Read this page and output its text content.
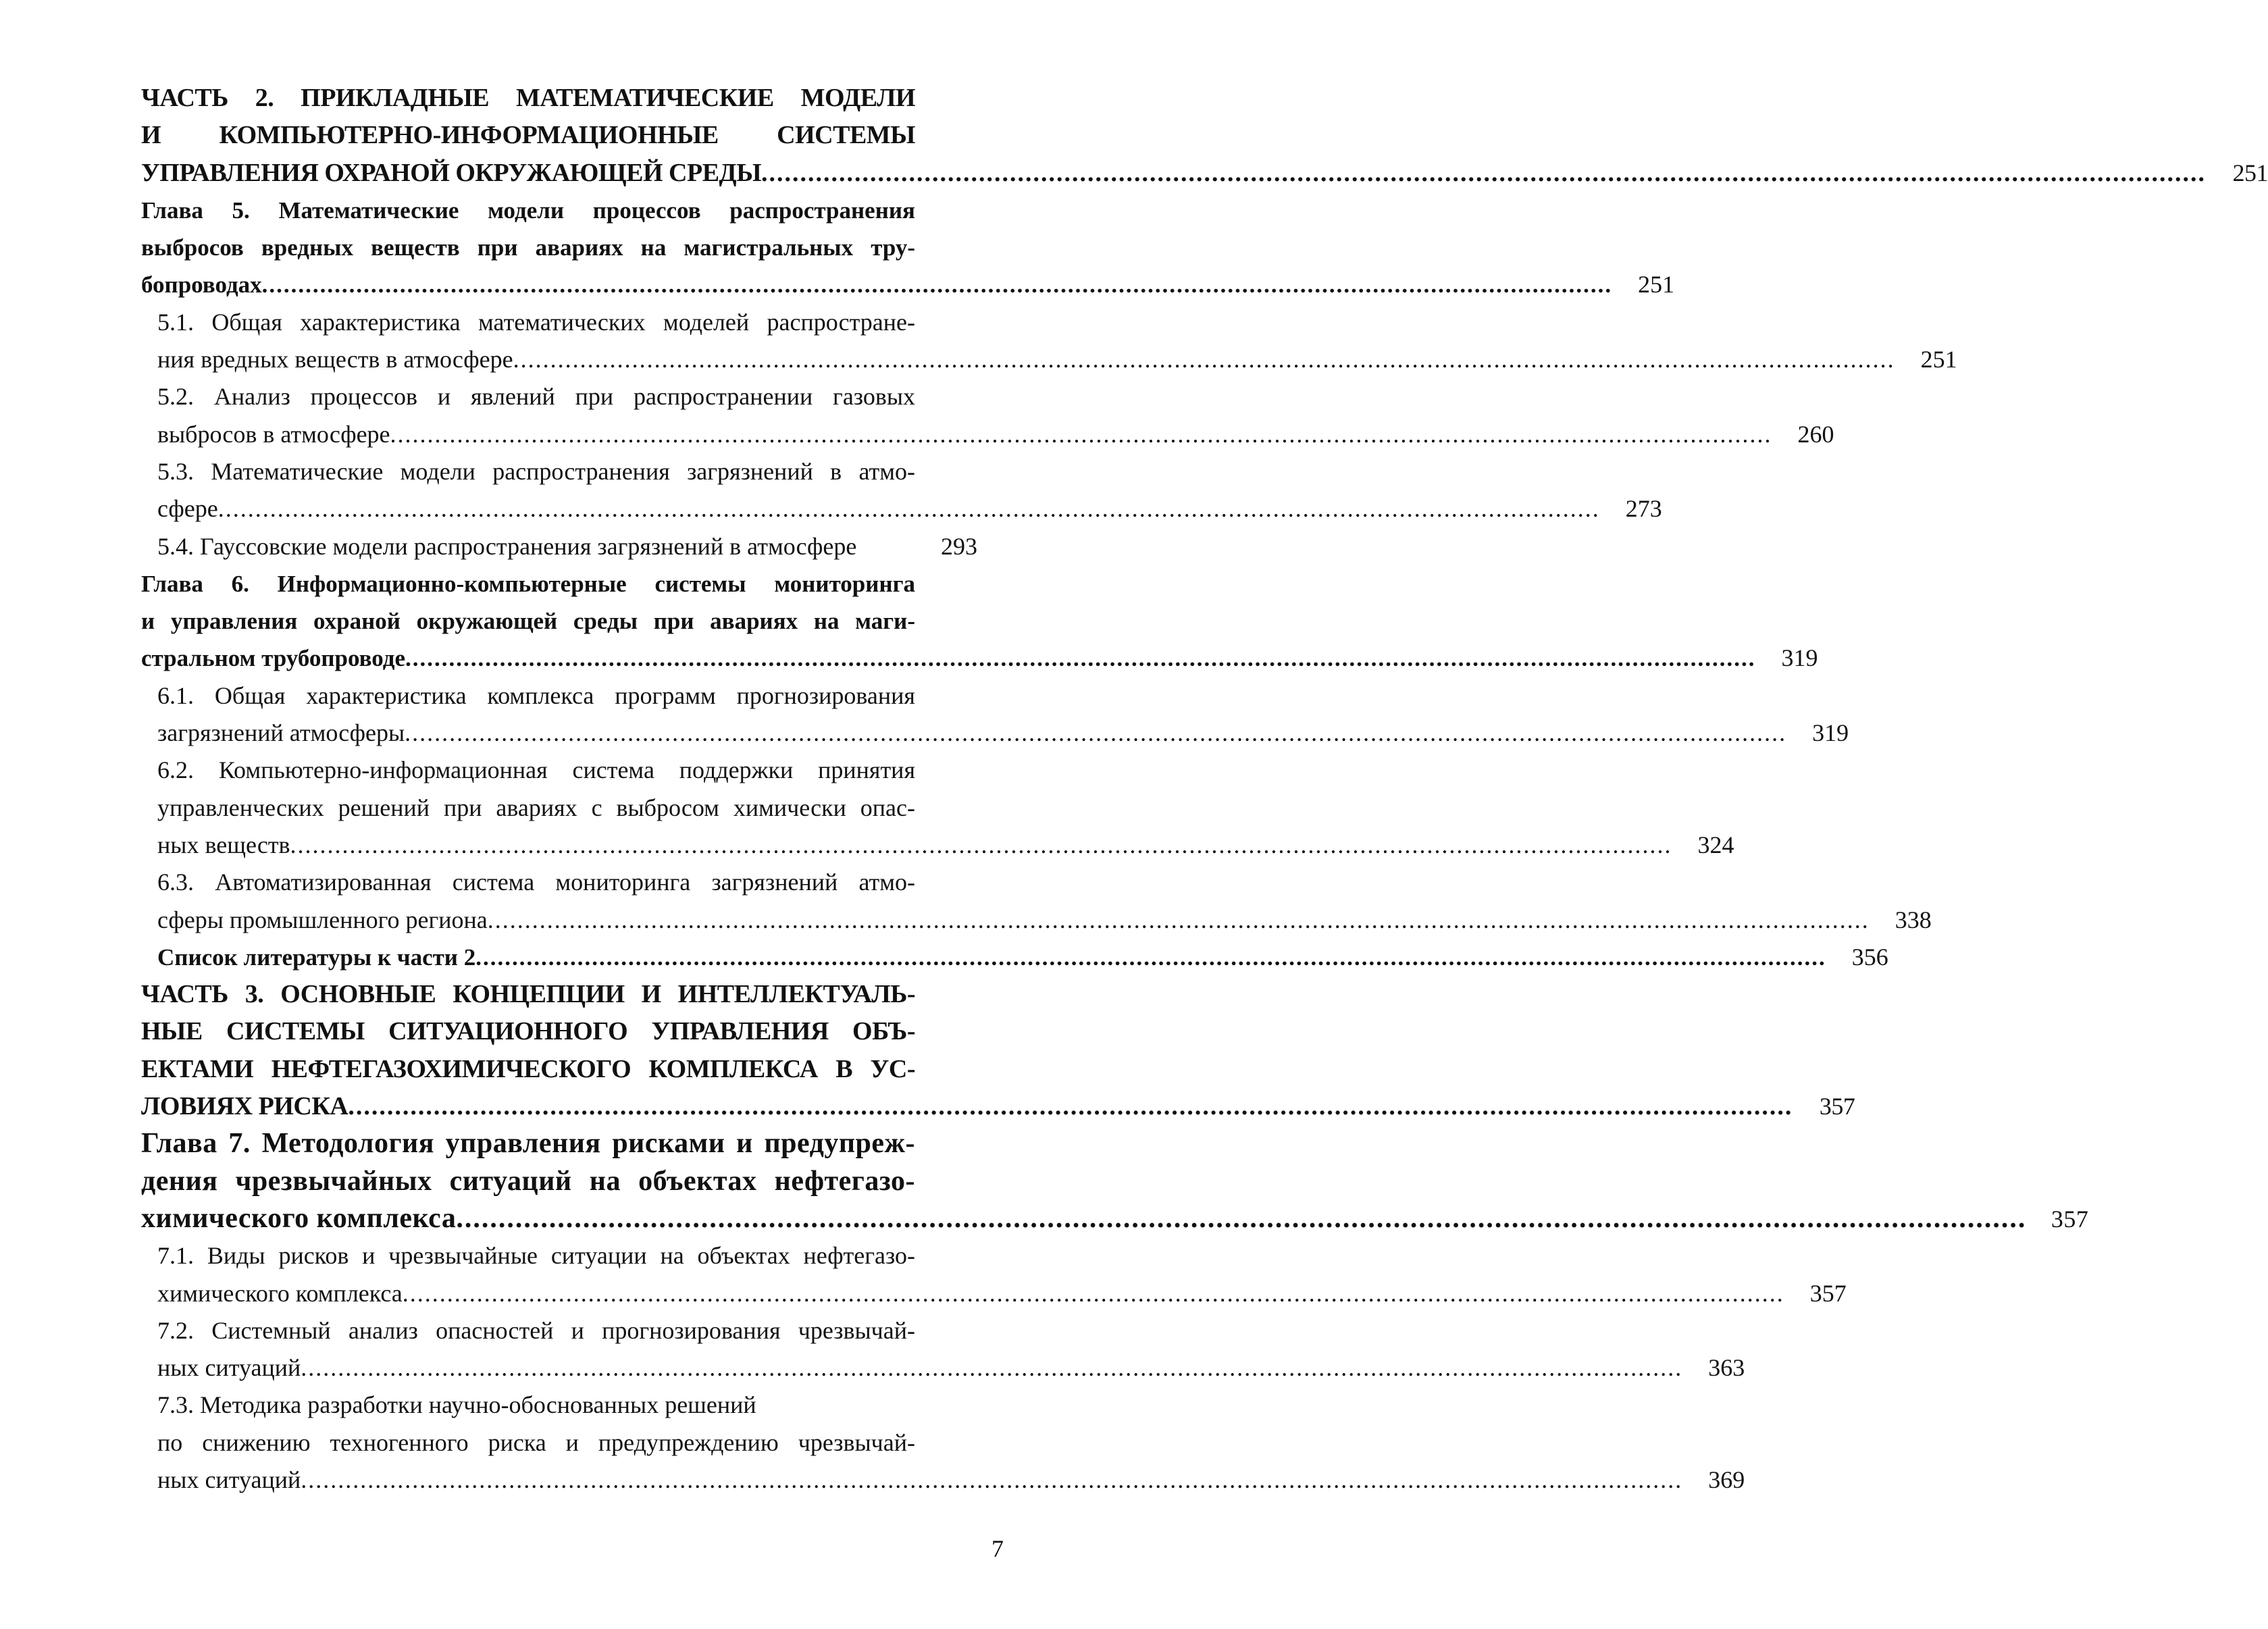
ЧАСТЬ 2. ПРИКЛАДНЫЕ МАТЕМАТИЧЕСКИЕ МОДЕЛИ
И КОМПЬЮТЕРНО-ИНФОРМАЦИОННЫЕ СИСТЕМЫ
УПРАВЛЕНИЯ ОХРАНОЙ ОКРУЖАЮЩЕЙ СРЕДЫ .....	251
Глава 5. Математические модели процессов распространения
выбросов вредных веществ при авариях на магистральных тру-
бопроводах .....	251
5.1. Общая характеристика математических моделей распростране-
ния вредных веществ в атмосфере .....	251
5.2. Анализ процессов и явлений при распространении газовых
выбросов в атмосфере .....	260
5.3. Математические модели распространения загрязнений в атмо-
сфере .....	273
5.4. Гауссовские модели распространения загрязнений в атмосфере	293
Глава 6. Информационно-компьютерные системы мониторинга
и управления охраной окружающей среды при авариях на маги-
стральном трубопроводе .....	319
6.1. Общая характеристика комплекса программ прогнозирования
загрязнений атмосферы .....	319
6.2. Компьютерно-информационная система поддержки принятия
управленческих решений при авариях с выбросом химически опас-
ных веществ .....	324
6.3. Автоматизированная система мониторинга загрязнений атмо-
сферы промышленного региона .....	338
Список литературы к части 2 .....	356
ЧАСТЬ 3. ОСНОВНЫЕ КОНЦЕПЦИИ И ИНТЕЛЛЕКТУАЛЬ-
НЫЕ СИСТЕМЫ СИТУАЦИОННОГО УПРАВЛЕНИЯ ОБЪ-
ЕКТАМИ НЕФТЕГАЗОХИМИЧЕСКОГО КОМПЛЕКСА В УС-
ЛОВИЯХ РИСКА .....	357
Глава 7. Методология управления рисками и предупреж-
дения чрезвычайных ситуаций на объектах нефтегазо-
химического комплекса .....	357
7.1. Виды рисков и чрезвычайные ситуации на объектах нефтегазо-
химического комплекса .....	357
7.2. Системный анализ опасностей и прогнозирования чрезвычай-
ных ситуаций .....	363
7.3. Методика разработки научно-обоснованных решений
по снижению техногенного риска и предупреждению чрезвычай-
ных ситуаций .....	369
7
